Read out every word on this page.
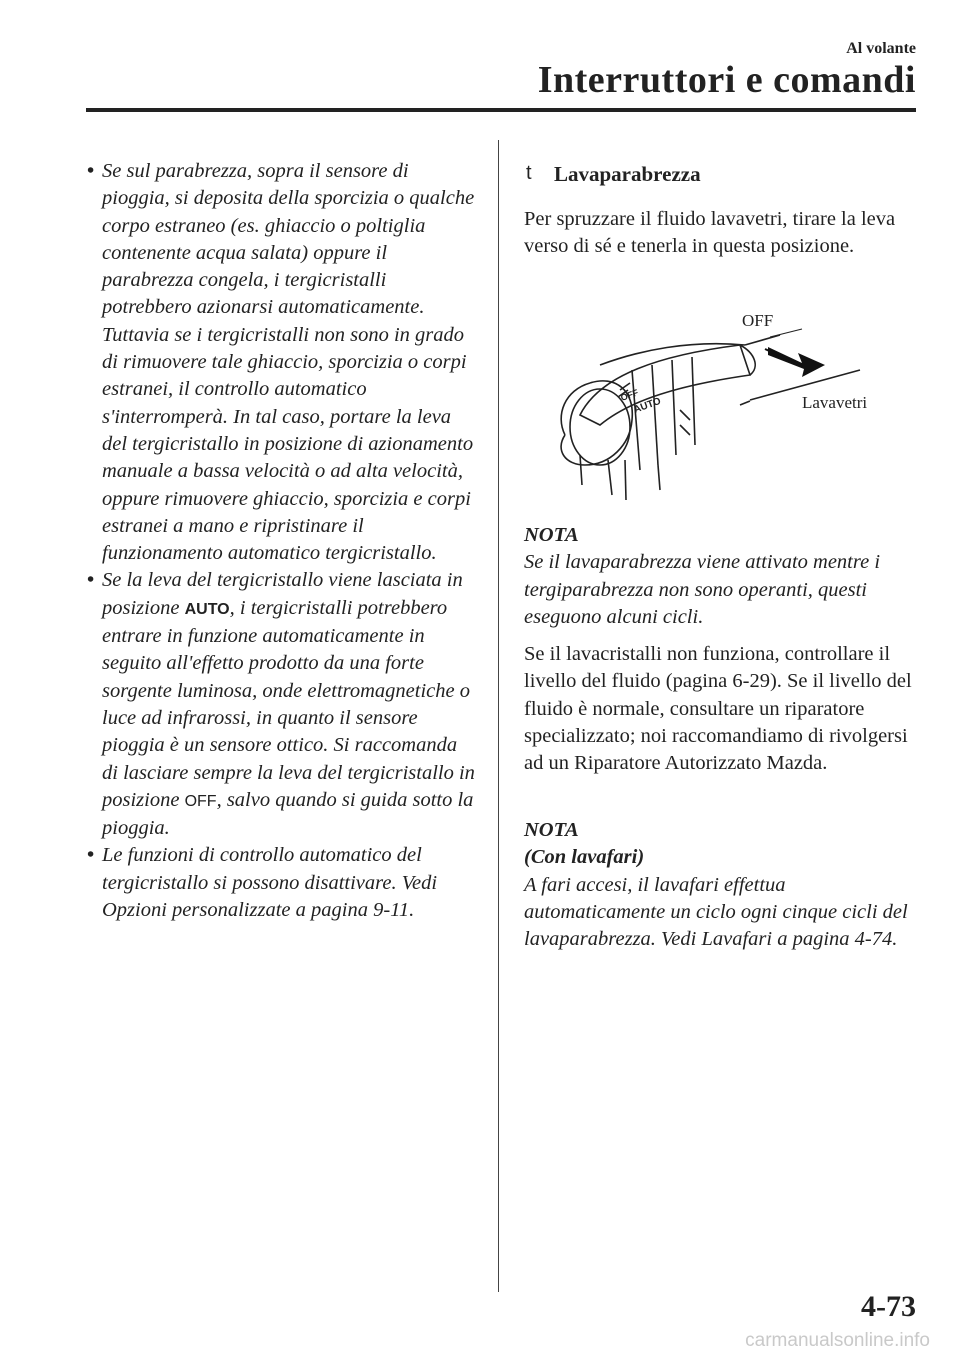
Al volante
Interruttori e comandi

• Se sul parabrezza, sopra il sensore di pioggia, si deposita della sporcizia o qualche corpo estraneo (es. ghiaccio o poltiglia contenente acqua salata) oppure il parabrezza congela, i tergicristalli potrebbero azionarsi automaticamente. Tuttavia se i tergicristalli non sono in grado di rimuovere tale ghiaccio, sporcizia o corpi estranei, il controllo automatico s'interromperà. In tal caso, portare la leva del tergicristallo in posizione di azionamento manuale a bassa velocità o ad alta velocità, oppure rimuovere ghiaccio, sporcizia e corpi estranei a mano e ripristinare il funzionamento automatico tergicristallo.

• Se la leva del tergicristallo viene lasciata in posizione AUTO, i tergicristalli potrebbero entrare in funzione automaticamente in seguito all'effetto prodotto da una forte sorgente luminosa, onde elettromagnetiche o luce ad infrarossi, in quanto il sensore pioggia è un sensore ottico. Si raccomanda di lasciare sempre la leva del tergicristallo in posizione OFF, salvo quando si guida sotto la pioggia.

• Le funzioni di controllo automatico del tergicristallo si possono disattivare. Vedi Opzioni personalizzate a pagina 9-11.

t Lavaparabrezza

Per spruzzare il fluido lavavetri, tirare la leva verso di sé e tenerla in questa posizione.

AUTO
OFF
OFF
Lavavetri
NOTA

Se il lavaparabrezza viene attivato mentre i tergiparabrezza non sono operanti, questi eseguono alcuni cicli.

Se il lavacristalli non funziona, controllare il livello del fluido (pagina 6-29). Se il livello del fluido è normale, consultare un riparatore specializzato; noi raccomandiamo di rivolgersi ad un Riparatore Autorizzato Mazda.

NOTA
(Con lavafari)

A fari accesi, il lavafari effettua automaticamente un ciclo ogni cinque cicli del lavaparabrezza. Vedi Lavafari a pagina 4-74.

4-73
carmanualsonline.info
